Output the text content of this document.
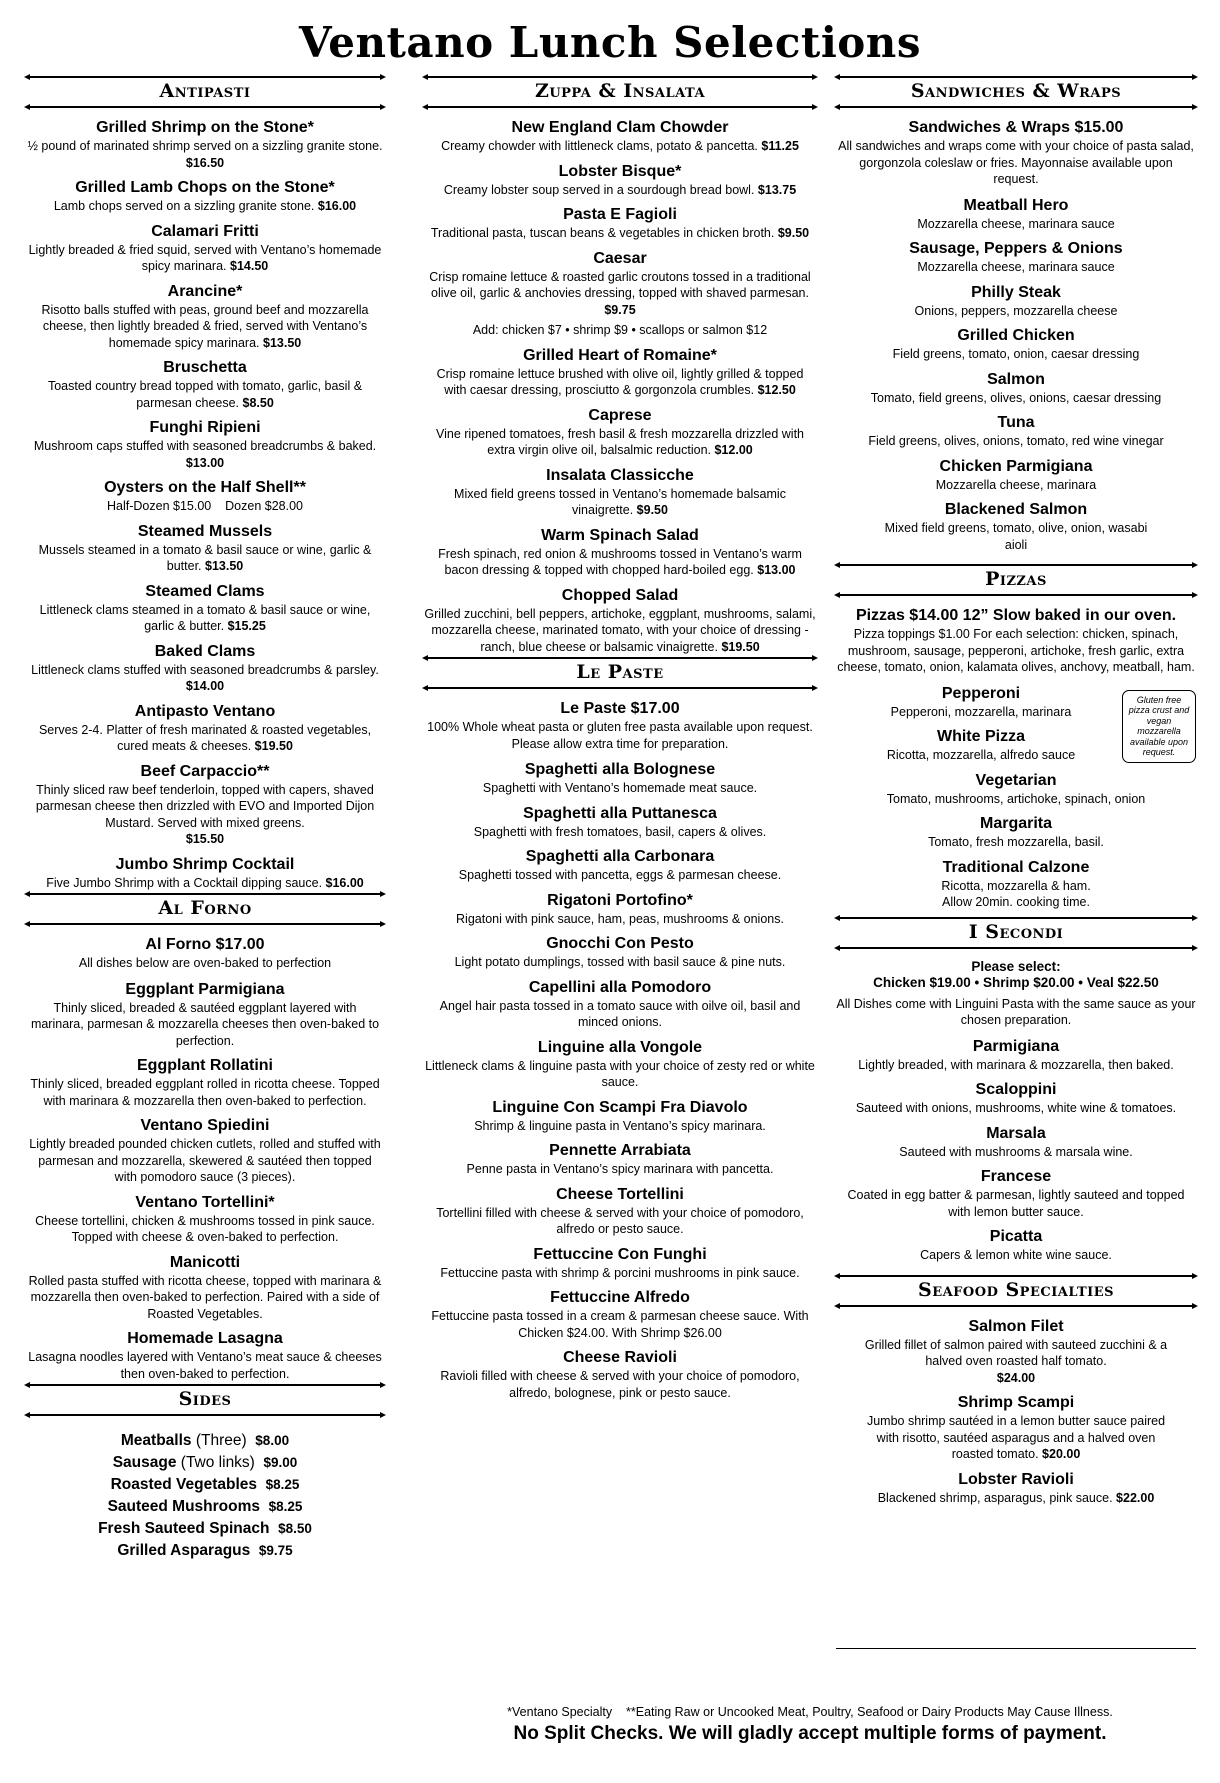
Ventano Lunch Selections
Antipasti
Grilled Shrimp on the Stone*
½ pound of marinated shrimp served on a sizzling granite stone. $16.50
Grilled Lamb Chops on the Stone*
Lamb chops served on a sizzling granite stone. $16.00
Calamari Fritti
Lightly breaded & fried squid, served with Ventano’s homemade spicy marinara. $14.50
Arancine*
Risotto balls stuffed with peas, ground beef and mozzarella cheese, then lightly breaded & fried, served with Ventano’s homemade spicy marinara. $13.50
Bruschetta
Toasted country bread topped with tomato, garlic, basil & parmesan cheese. $8.50
Funghi Ripieni
Mushroom caps stuffed with seasoned breadcrumbs & baked. $13.00
Oysters on the Half Shell**
Half-Dozen $15.00    Dozen $28.00
Steamed Mussels
Mussels steamed in a tomato & basil sauce or wine, garlic & butter. $13.50
Steamed Clams
Littleneck clams steamed in a tomato & basil sauce or wine, garlic & butter. $15.25
Baked Clams
Littleneck clams stuffed with seasoned breadcrumbs & parsley. $14.00
Antipasto Ventano
Serves 2-4. Platter of fresh marinated & roasted vegetables, cured meats & cheeses. $19.50
Beef Carpaccio**
Thinly sliced raw beef tenderloin, topped with capers, shaved parmesan cheese then drizzled with EVO and Imported Dijon Mustard. Served with mixed greens.
$15.50
Jumbo Shrimp Cocktail
Five Jumbo Shrimp with a Cocktail dipping sauce. $16.00
Al Forno
Al Forno $17.00
All dishes below are oven-baked to perfection
Eggplant Parmigiana
Thinly sliced, breaded & sautéed eggplant layered with marinara, parmesan & mozzarella cheeses then oven-baked to perfection.
Eggplant Rollatini
Thinly sliced, breaded eggplant rolled in ricotta cheese. Topped with marinara & mozzarella then oven-baked to perfection.
Ventano Spiedini
Lightly breaded pounded chicken cutlets, rolled and stuffed with parmesan and mozzarella, skewered & sautéed then topped with pomodoro sauce (3 pieces).
Ventano Tortellini*
Cheese tortellini, chicken & mushrooms tossed in pink sauce. Topped with cheese & oven-baked to perfection.
Manicotti
Rolled pasta stuffed with ricotta cheese, topped with marinara & mozzarella then oven-baked to perfection. Paired with a side of Roasted Vegetables.
Homemade Lasagna
Lasagna noodles layered with Ventano’s meat sauce & cheeses then oven-baked to perfection.
Sides
Meatballs (Three) $8.00
Sausage (Two links) $9.00
Roasted Vegetables $8.25
Sauteed Mushrooms $8.25
Fresh Sauteed Spinach $8.50
Grilled Asparagus $9.75
Zuppa & Insalata
New England Clam Chowder
Creamy chowder with littleneck clams, potato & pancetta. $11.25
Lobster Bisque*
Creamy lobster soup served in a sourdough bread bowl. $13.75
Pasta E Fagioli
Traditional pasta, tuscan beans & vegetables in chicken broth. $9.50
Caesar
Crisp romaine lettuce & roasted garlic croutons tossed in a traditional olive oil, garlic & anchovies dressing, topped with shaved parmesan. $9.75
Add: chicken $7 • shrimp $9 • scallops or salmon $12
Grilled Heart of Romaine*
Crisp romaine lettuce brushed with olive oil, lightly grilled & topped with caesar dressing, prosciutto & gorgonzola crumbles. $12.50
Caprese
Vine ripened tomatoes, fresh basil & fresh mozzarella drizzled with extra virgin olive oil, balsalmic reduction. $12.00
Insalata Classicche
Mixed field greens tossed in Ventano’s homemade balsamic vinaigrette. $9.50
Warm Spinach Salad
Fresh spinach, red onion & mushrooms tossed in Ventano’s warm bacon dressing & topped with chopped hard-boiled egg. $13.00
Chopped Salad
Grilled zucchini, bell peppers, artichoke, eggplant, mushrooms, salami, mozzarella cheese, marinated tomato, with your choice of dressing - ranch, blue cheese or balsamic vinaigrette. $19.50
Le Paste
Le Paste $17.00
100% Whole wheat pasta or gluten free pasta available upon request. Please allow extra time for preparation.
Spaghetti alla Bolognese
Spaghetti with Ventano’s homemade meat sauce.
Spaghetti alla Puttanesca
Spaghetti with fresh tomatoes, basil, capers & olives.
Spaghetti alla Carbonara
Spaghetti tossed with pancetta, eggs & parmesan cheese.
Rigatoni Portofino*
Rigatoni with pink sauce, ham, peas, mushrooms & onions.
Gnocchi Con Pesto
Light potato dumplings, tossed with basil sauce & pine nuts.
Capellini alla Pomodoro
Angel hair pasta tossed in a tomato sauce with oilve oil, basil and minced onions.
Linguine alla Vongole
Littleneck clams & linguine pasta with your choice of zesty red or white sauce.
Linguine Con Scampi Fra Diavolo
Shrimp & linguine pasta in Ventano’s spicy marinara.
Pennette Arrabiata
Penne pasta in Ventano’s spicy marinara with pancetta.
Cheese Tortellini
Tortellini filled with cheese & served with your choice of pomodoro, alfredo or pesto sauce.
Fettuccine Con Funghi
Fettuccine pasta with shrimp & porcini mushrooms in pink sauce.
Fettuccine Alfredo
Fettuccine pasta tossed in a cream & parmesan cheese sauce. With Chicken $24.00. With Shrimp $26.00
Cheese Ravioli
Ravioli filled with cheese & served with your choice of pomodoro, alfredo, bolognese, pink or pesto sauce.
Sandwiches & Wraps
Sandwiches & Wraps $15.00
All sandwiches and wraps come with your choice of pasta salad, gorgonzola coleslaw or fries. Mayonnaise available upon request.
Meatball Hero
Mozzarella cheese, marinara sauce
Sausage, Peppers & Onions
Mozzarella cheese, marinara sauce
Philly Steak
Onions, peppers, mozzarella cheese
Grilled Chicken
Field greens, tomato, onion, caesar dressing
Salmon
Tomato, field greens, olives, onions, caesar dressing
Tuna
Field greens, olives, onions, tomato, red wine vinegar
Chicken Parmigiana
Mozzarella cheese, marinara
Blackened Salmon
Mixed field greens, tomato, olive, onion, wasabi aioli
Pizzas
Pizzas $14.00 12” Slow baked in our oven.
Pizza toppings $1.00 For each selection: chicken, spinach, mushroom, sausage, pepperoni, artichoke, fresh garlic, extra cheese, tomato, onion, kalamata olives, anchovy, meatball, ham.
Gluten free pizza crust and vegan mozzarella available upon request.
Pepperoni
Pepperoni, mozzarella, marinara
White Pizza
Ricotta, mozzarella, alfredo sauce
Vegetarian
Tomato, mushrooms, artichoke, spinach, onion
Margarita
Tomato, fresh mozzarella, basil.
Traditional Calzone
Ricotta, mozzarella & ham. Allow 20min. cooking time.
I Secondi
Please select:
Chicken $19.00 • Shrimp $20.00 • Veal $22.50
All Dishes come with Linguini Pasta with the same sauce as your chosen preparation.
Parmigiana
Lightly breaded, with marinara & mozzarella, then baked.
Scaloppini
Sauteed with onions, mushrooms, white wine & tomatoes.
Marsala
Sauteed with mushrooms & marsala wine.
Francese
Coated in egg batter & parmesan, lightly sauteed and topped with lemon butter sauce.
Picatta
Capers & lemon white wine sauce.
Seafood Specialties
Salmon Filet
Grilled fillet of salmon paired with sauteed zucchini & a halved oven roasted half tomato.
$24.00
Shrimp Scampi
Jumbo shrimp sautéed in a lemon butter sauce paired with risotto, sautéed asparagus and a halved oven roasted tomato. $20.00
Lobster Ravioli
Blackened shrimp, asparagus, pink sauce. $22.00
*Ventano Specialty    **Eating Raw or Uncooked Meat, Poultry, Seafood or Dairy Products May Cause Illness.
No Split Checks. We will gladly accept multiple forms of payment.
